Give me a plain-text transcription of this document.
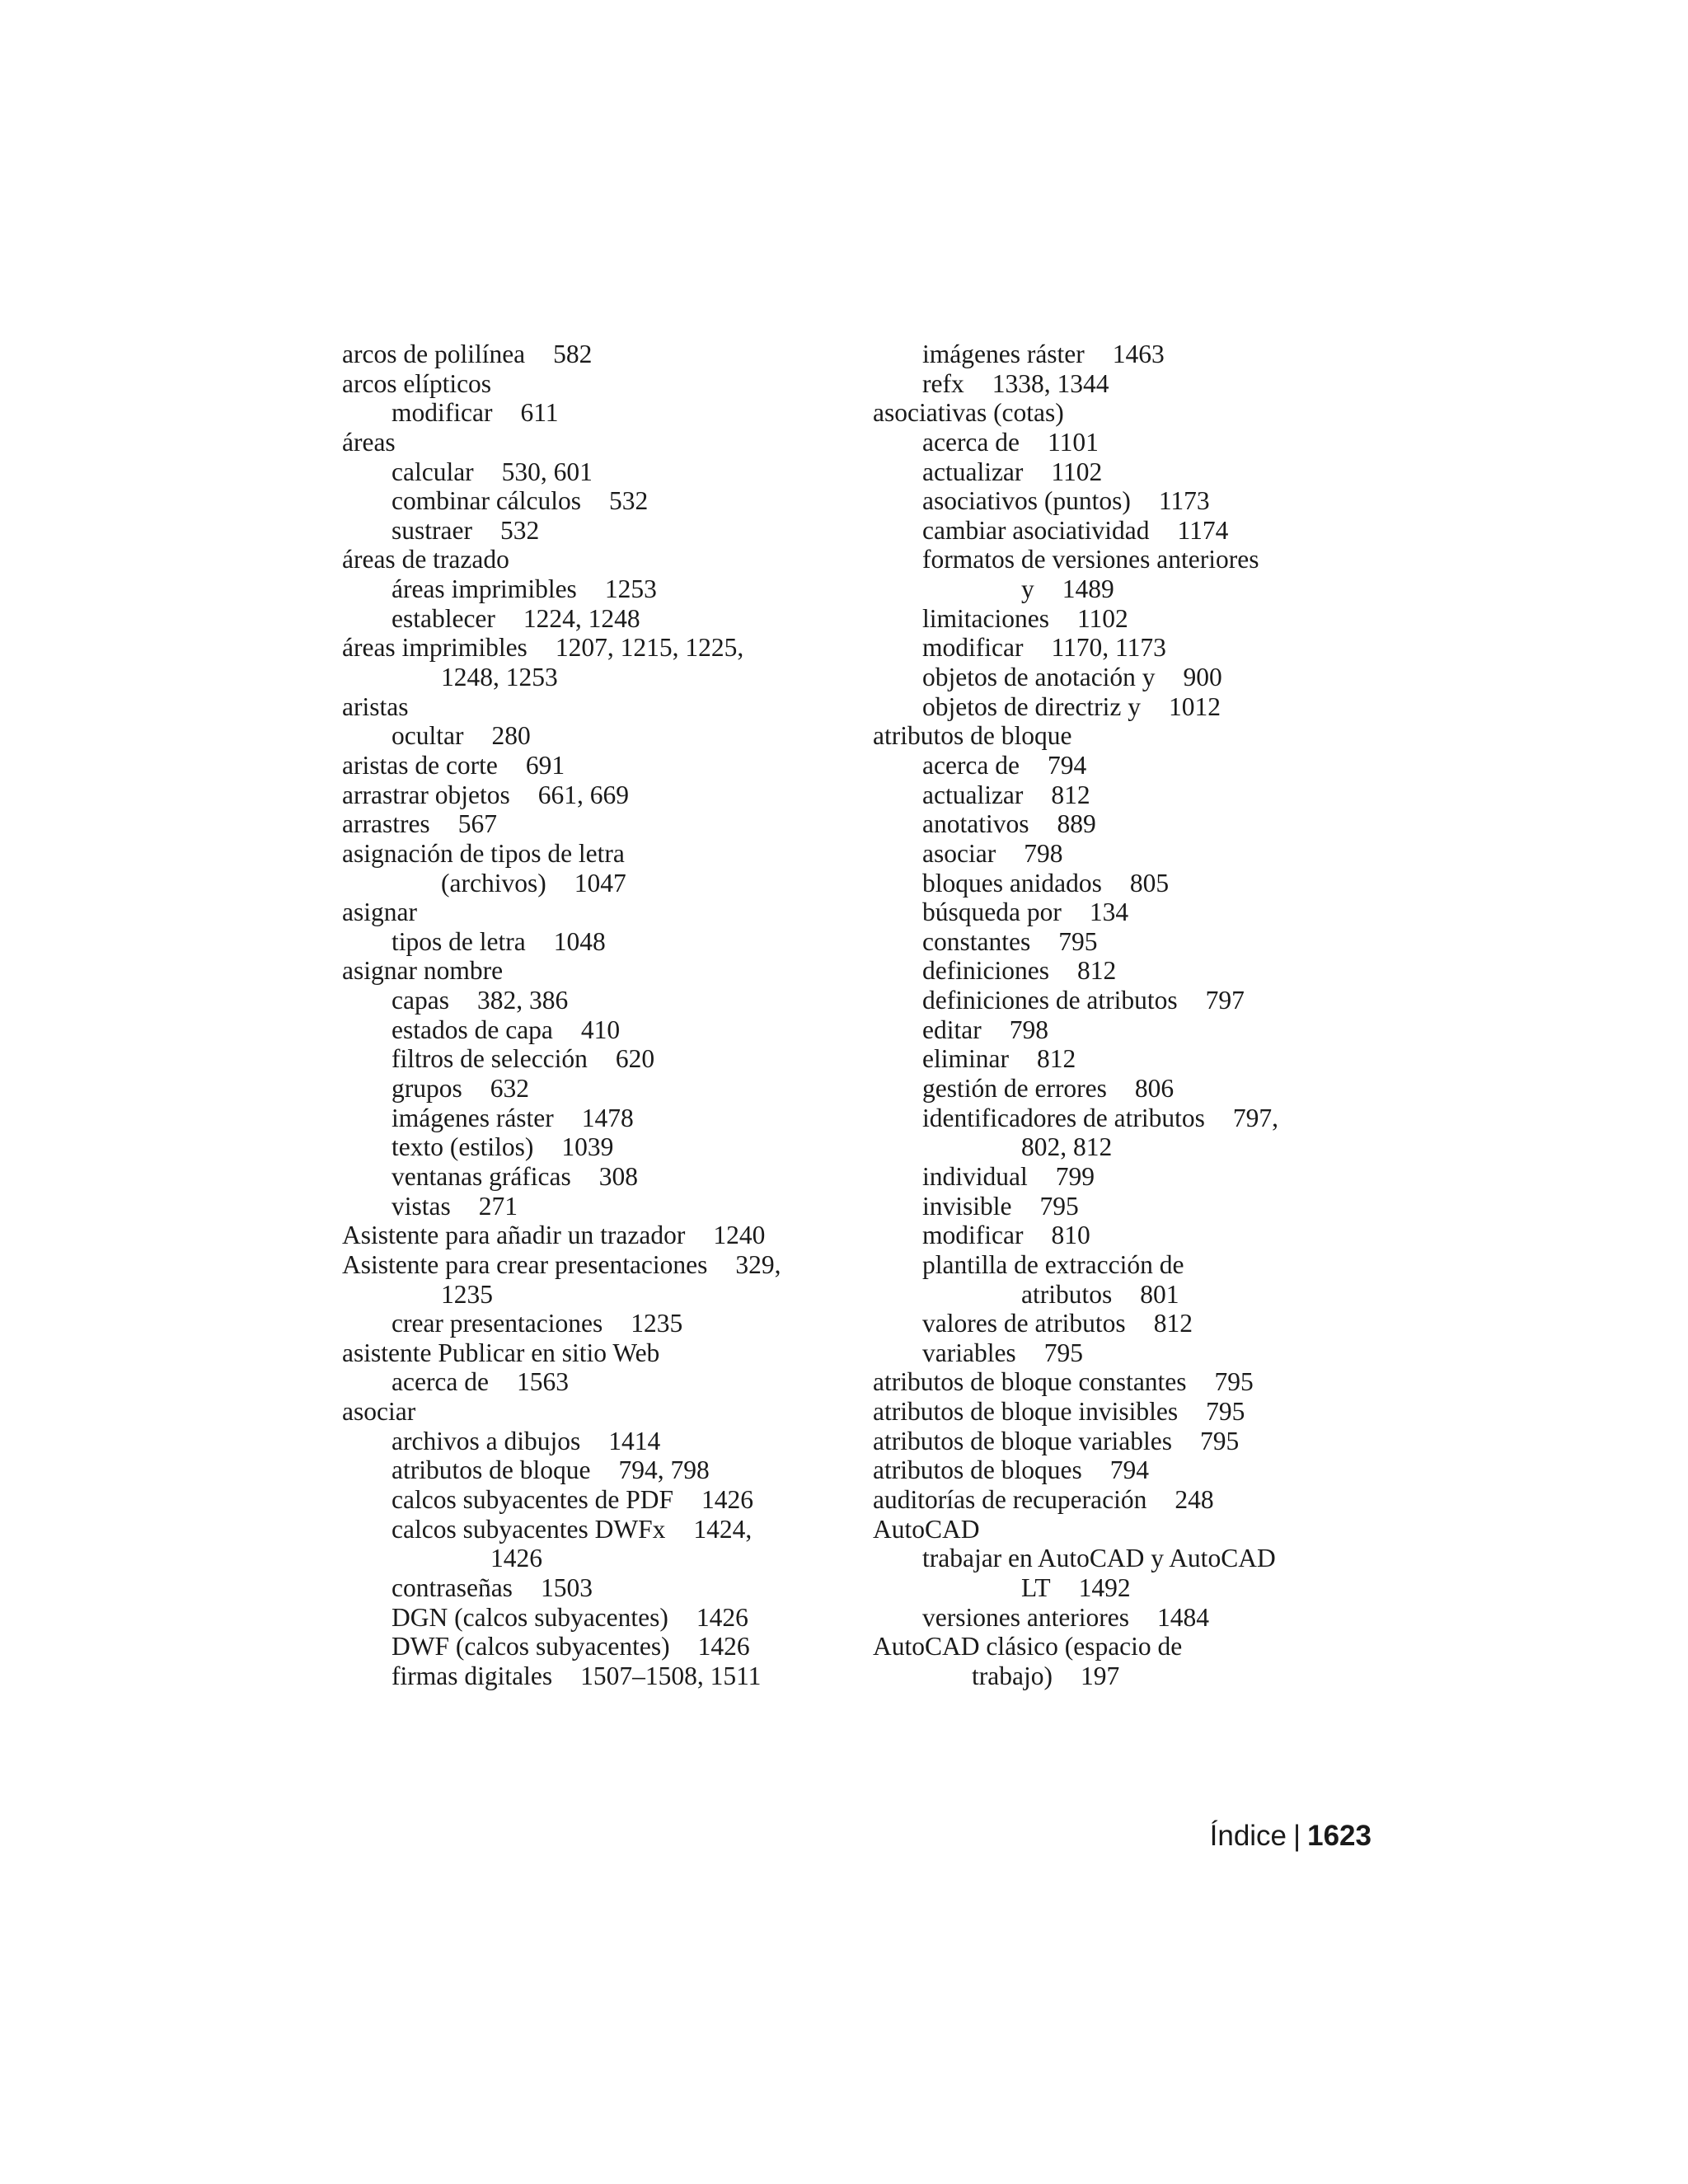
arcos de polilínea 582
arcos elípticos
modificar 611
áreas
calcular 530, 601
combinar cálculos 532
sustraer 532
áreas de trazado
áreas imprimibles 1253
establecer 1224, 1248
áreas imprimibles 1207, 1215, 1225,
1248, 1253
aristas
ocultar 280
aristas de corte 691
arrastrar objetos 661, 669
arrastres 567
asignación de tipos de letra
(archivos) 1047
asignar
tipos de letra 1048
asignar nombre
capas 382, 386
estados de capa 410
filtros de selección 620
grupos 632
imágenes ráster 1478
texto (estilos) 1039
ventanas gráficas 308
vistas 271
Asistente para añadir un trazador 1240
Asistente para crear presentaciones 329,
1235
crear presentaciones 1235
asistente Publicar en sitio Web
acerca de 1563
asociar
archivos a dibujos 1414
atributos de bloque 794, 798
calcos subyacentes de PDF 1426
calcos subyacentes DWFx 1424,
1426
contraseñas 1503
DGN (calcos subyacentes) 1426
DWF (calcos subyacentes) 1426
firmas digitales 1507–1508, 1511
imágenes ráster 1463
refx 1338, 1344
asociativas (cotas)
acerca de 1101
actualizar 1102
asociativos (puntos) 1173
cambiar asociatividad 1174
formatos de versiones anteriores
y 1489
limitaciones 1102
modificar 1170, 1173
objetos de anotación y 900
objetos de directriz y 1012
atributos de bloque
acerca de 794
actualizar 812
anotativos 889
asociar 798
bloques anidados 805
búsqueda por 134
constantes 795
definiciones 812
definiciones de atributos 797
editar 798
eliminar 812
gestión de errores 806
identificadores de atributos 797,
802, 812
individual 799
invisible 795
modificar 810
plantilla de extracción de
atributos 801
valores de atributos 812
variables 795
atributos de bloque constantes 795
atributos de bloque invisibles 795
atributos de bloque variables 795
atributos de bloques 794
auditorías de recuperación 248
AutoCAD
trabajar en AutoCAD y AutoCAD
LT 1492
versiones anteriores 1484
AutoCAD clásico (espacio de
trabajo) 197
Índice | 1623
